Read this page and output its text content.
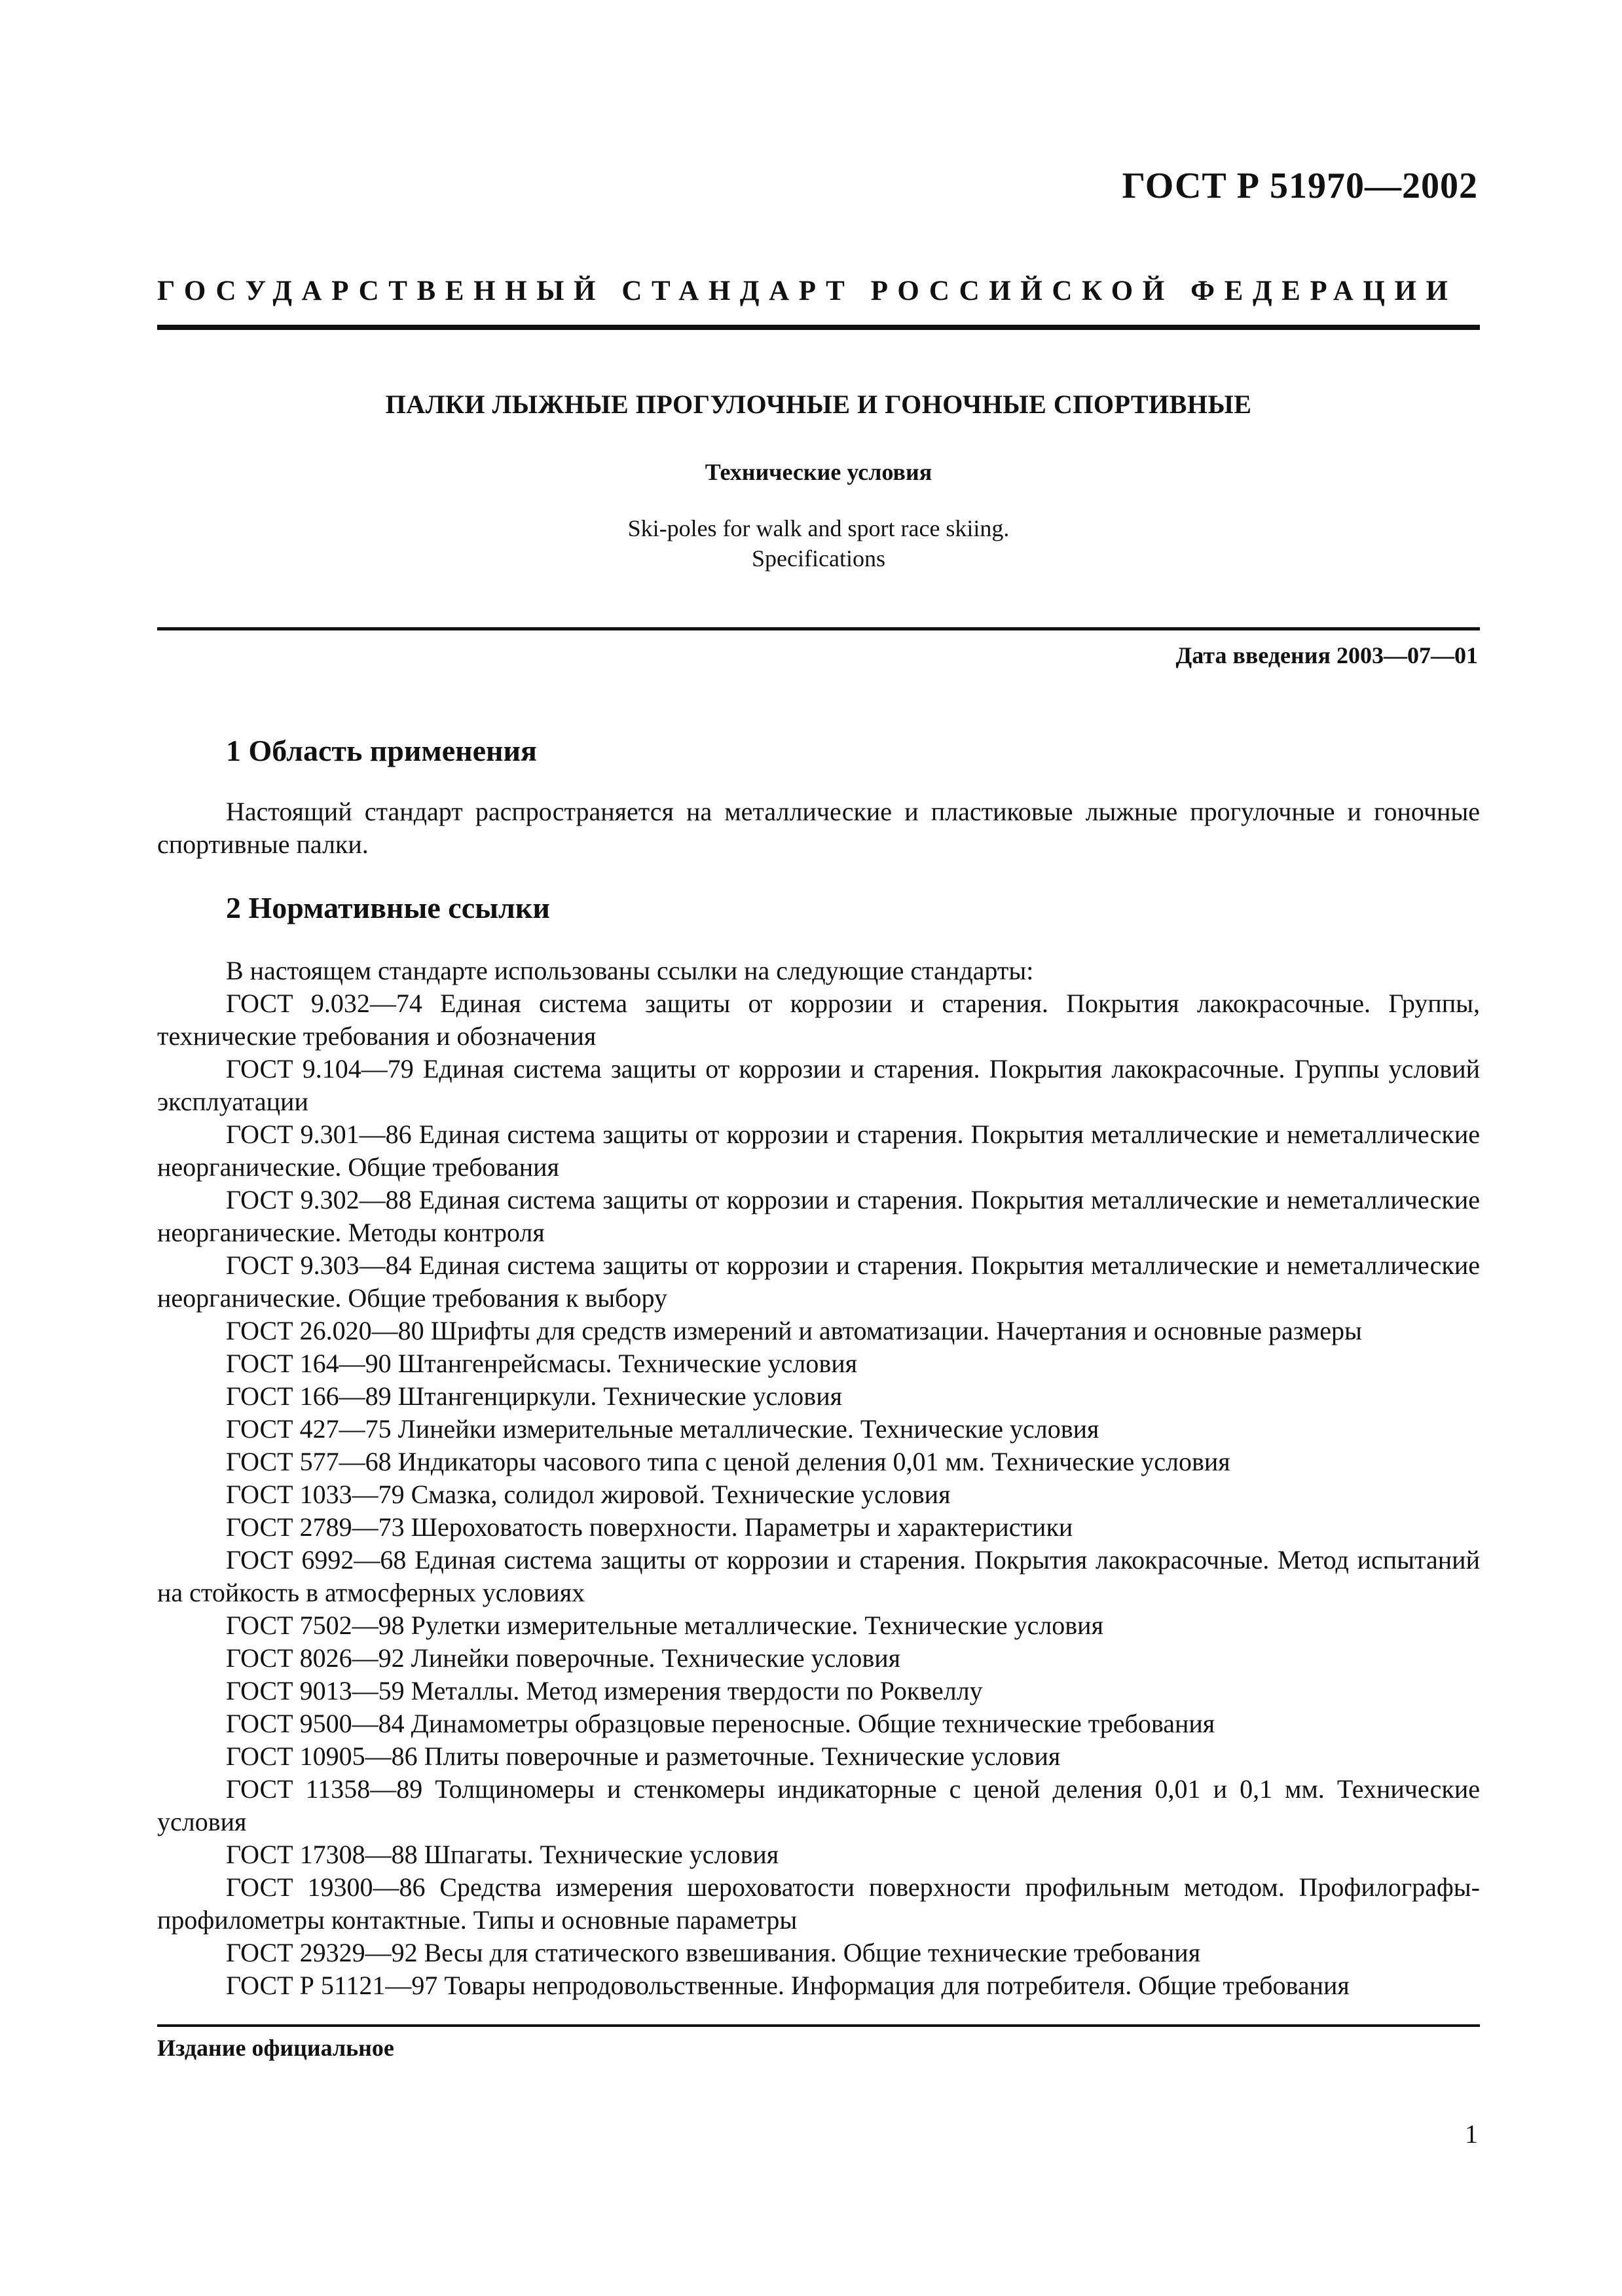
ГОСТ Р 51970—2002
ГОСУДАРСТВЕННЫЙ СТАНДАРТ РОССИЙСКОЙ ФЕДЕРАЦИИ
ПАЛКИ ЛЫЖНЫЕ ПРОГУЛОЧНЫЕ И ГОНОЧНЫЕ СПОРТИВНЫЕ
Технические условия
Ski-poles for walk and sport race skiing.
Specifications
Дата введения 2003—07—01
1 Область применения

Настоящий стандарт распространяется на металлические и пластиковые лыжные прогулочные и гоночные спортивные палки.

2 Нормативные ссылки

В настоящем стандарте использованы ссылки на следующие стандарты:

ГОСТ 9.032—74 Единая система защиты от коррозии и старения. Покрытия лакокрасочные. Группы, технические требования и обозначения

ГОСТ 9.104—79 Единая система защиты от коррозии и старения. Покрытия лакокрасочные. Группы условий эксплуатации

ГОСТ 9.301—86 Единая система защиты от коррозии и старения. Покрытия металлические и неметаллические неорганические. Общие требования

ГОСТ 9.302—88 Единая система защиты от коррозии и старения. Покрытия металлические и неметаллические неорганические. Методы контроля

ГОСТ 9.303—84 Единая система защиты от коррозии и старения. Покрытия металлические и неметаллические неорганические. Общие требования к выбору

ГОСТ 26.020—80 Шрифты для средств измерений и автоматизации. Начертания и основные размеры

ГОСТ 164—90 Штангенрейсмасы. Технические условия

ГОСТ 166—89 Штангенциркули. Технические условия

ГОСТ 427—75 Линейки измерительные металлические. Технические условия

ГОСТ 577—68 Индикаторы часового типа с ценой деления 0,01 мм. Технические условия

ГОСТ 1033—79 Смазка, солидол жировой. Технические условия

ГОСТ 2789—73 Шероховатость поверхности. Параметры и характеристики

ГОСТ 6992—68 Единая система защиты от коррозии и старения. Покрытия лакокрасочные. Метод испытаний на стойкость в атмосферных условиях

ГОСТ 7502—98 Рулетки измерительные металлические. Технические условия

ГОСТ 8026—92 Линейки поверочные. Технические условия

ГОСТ 9013—59 Металлы. Метод измерения твердости по Роквеллу

ГОСТ 9500—84 Динамометры образцовые переносные. Общие технические требования

ГОСТ 10905—86 Плиты поверочные и разметочные. Технические условия

ГОСТ 11358—89 Толщиномеры и стенкомеры индикаторные с ценой деления 0,01 и 0,1 мм. Технические условия

ГОСТ 17308—88 Шпагаты. Технические условия

ГОСТ 19300—86 Средства измерения шероховатости поверхности профильным методом. Профилографы-профилометры контактные. Типы и основные параметры

ГОСТ 29329—92 Весы для статического взвешивания. Общие технические требования

ГОСТ Р 51121—97 Товары непродовольственные. Информация для потребителя. Общие требования

Издание официальное
1
